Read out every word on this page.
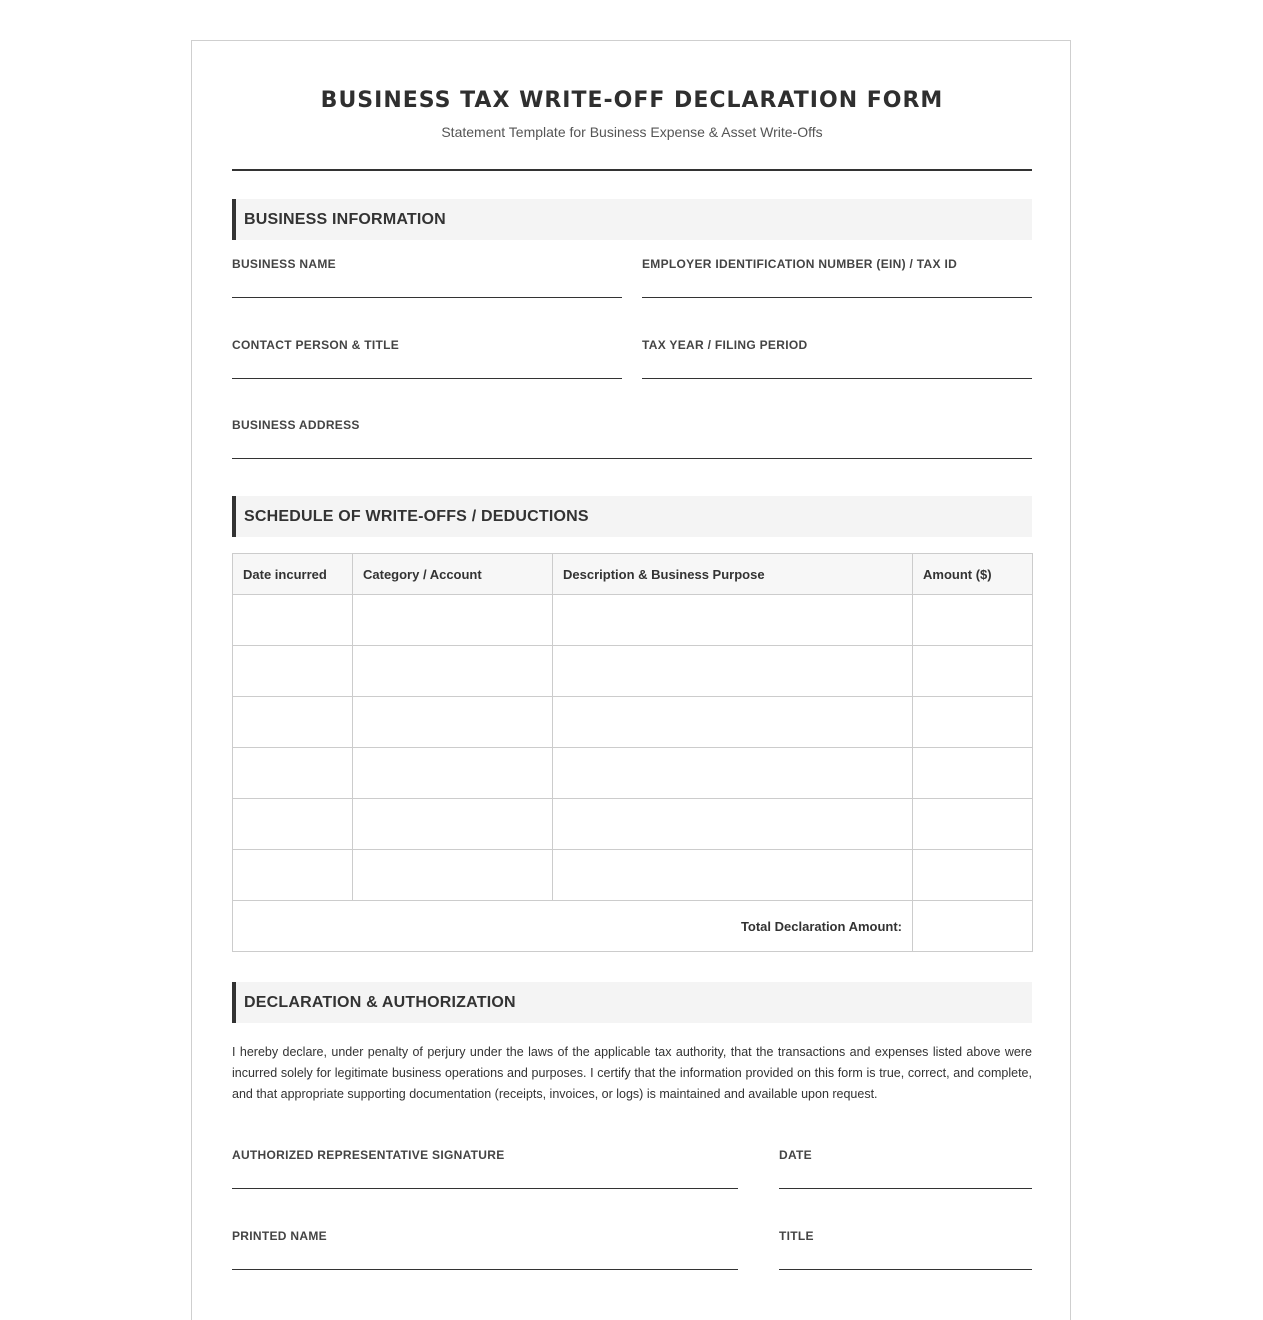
BUSINESS TAX WRITE-OFF DECLARATION FORM
Statement Template for Business Expense & Asset Write-Offs
BUSINESS INFORMATION
BUSINESS NAME	EMPLOYER IDENTIFICATION NUMBER (EIN) / TAX ID
CONTACT PERSON & TITLE	TAX YEAR / FILING PERIOD
BUSINESS ADDRESS
SCHEDULE OF WRITE-OFFS / DEDUCTIONS
Date incurred	Category / Account	Description & Business Purpose	Amount ($)

Total Declaration Amount:			
DECLARATION & AUTHORIZATION

I hereby declare, under penalty of perjury under the laws of the applicable tax authority, that the transactions and expenses listed above were incurred solely for legitimate business operations and purposes. I certify that the information provided on this form is true, correct, and complete, and that appropriate supporting documentation (receipts, invoices, or logs) is maintained and available upon request.

AUTHORIZED REPRESENTATIVE SIGNATURE	DATE
PRINTED NAME	TITLE
